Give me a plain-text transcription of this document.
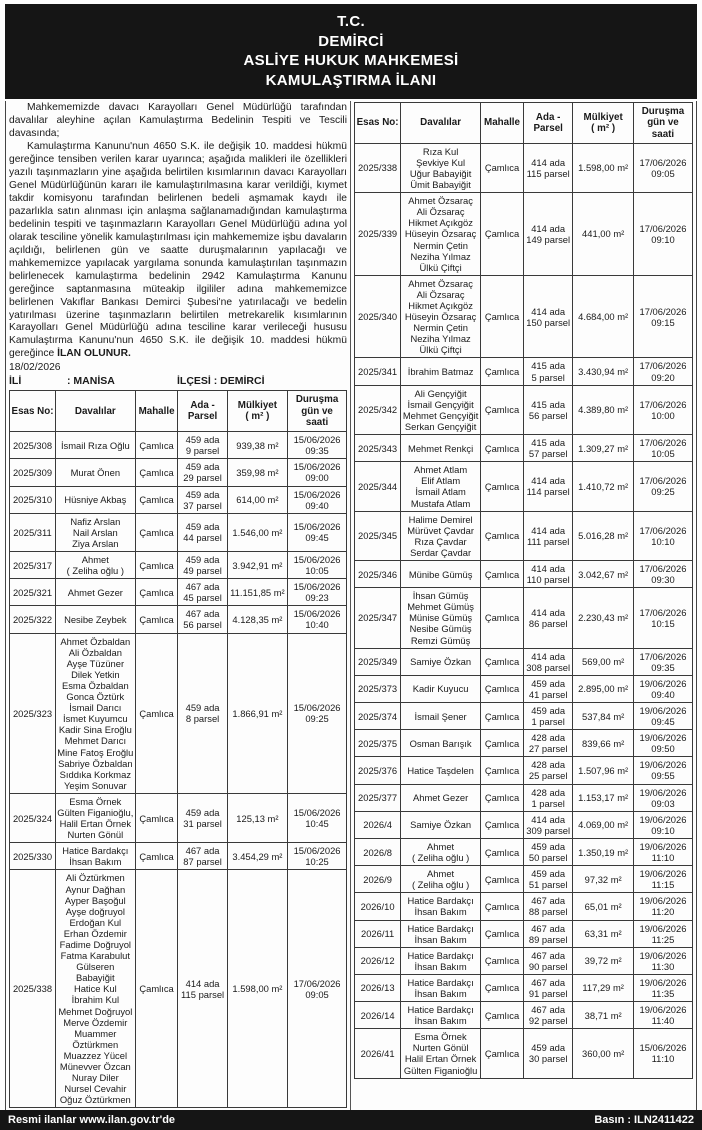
T.C.
DEMİRCİ
ASLİYE HUKUK MAHKEMESİ
KAMULAŞTIRMA İLANI

Mahkememizde davacı Karayolları Genel Müdürlüğü tarafından davalılar aleyhine açılan Kamulaştırma Bedelinin Tespiti ve Tescili davasında;

Kamulaştırma Kanunu'nun 4650 S.K. ile değişik 10. maddesi hükmü gereğince tensiben verilen karar uyarınca; aşağıda malikleri ile özellikleri yazılı taşınmazların yine aşağıda belirtilen kısımlarının davacı Karayolları Genel Müdürlüğünün kararı ile kamulaştırılmasına karar verildiği, kıymet takdir komisyonu tarafından belirlenen bedeli aşmamak kaydı ile pazarlıkla satın alınması için anlaşma sağlanamadığından kamulaştırma bedelinin tespiti ve taşınmazların Karayolları Genel Müdürlüğü adına yol olarak tesciline yönelik kamulaştırılması için mahkememize işbu davaların açıldığı, belirlenen gün ve saatte duruşmalarının yapılacağı ve mahkememizce yapılacak yargılama sonunda kamulaştırılan taşınmazın belirlenecek kamulaştırma bedelinin 2942 Kamulaştırma Kanunu gereğince saptanmasına müteakip ilgililer adına mahkememizce belirlenen Vakıflar Bankası Demirci Şubesi'ne yatırılacağı ve bedelin yatırılması üzerine taşınmazların belirtilen metrekarelik kısımlarının Karayolları Genel Müdürlüğü adına tesciline karar verileceği hususu Kamulaştırma Kanunu'nun 4650 S.K. ile değişik 10. maddesi hükmü gereğince İLAN OLUNUR.

18/02/2026
İLİ	: MANİSA	İLÇESİ : DEMİRCİ
Esas No:	Davalılar	Mahalle	Ada -
Parsel	Mülkiyet
( m² )	Duruşma
gün ve
saati
2025/308	İsmail Rıza Oğlu	Çamlıca	459 ada
9 parsel	939,38 m²	15/06/2026
09:35
2025/309	Murat Önen	Çamlıca	459 ada
29 parsel	359,98 m²	15/06/2026
09:00
2025/310	Hüsniye Akbaş	Çamlıca	459 ada
37 parsel	614,00 m²	15/06/2026
09:40
2025/311	Nafiz Arslan
Nail Arslan
Ziya Arslan	Çamlıca	459 ada
44 parsel	1.546,00 m²	15/06/2026
09:45
2025/317	Ahmet
( Zeliha oğlu )	Çamlıca	459 ada
49 parsel	3.942,91 m²	15/06/2026
10:05
2025/321	Ahmet Gezer	Çamlıca	467 ada
45 parsel	11.151,85 m²	15/06/2026
09:23
2025/322	Nesibe Zeybek	Çamlıca	467 ada
56 parsel	4.128,35 m²	15/06/2026
10:40
2025/323	Ahmet Özbaldan
Ali Özbaldan
Ayşe Tüzüner
Dilek Yetkin
Esma Özbaldan
Gonca Öztürk
İsmail Darıcı
İsmet Kuyumcu
Kadir Sina Eroğlu
Mehmet Darıcı
Mine Fatoş Eroğlu
Sabriye Özbaldan
Sıddıka Korkmaz
Yeşim Sonuvar	Çamlıca	459 ada
8 parsel	1.866,91 m²	15/06/2026
09:25
2025/324	Esma Örnek
Gülten Figanioğlu,
Halil Ertan Örnek
Nurten Gönül	Çamlıca	459 ada
31 parsel	125,13 m²	15/06/2026
10:45
2025/330	Hatice Bardakçı
İhsan Bakım	Çamlıca	467 ada
87 parsel	3.454,29 m²	15/06/2026
10:25
2025/338	Ali Öztürkmen
Aynur Dağhan
Ayper Başoğul
Ayşe doğruyol
Erdoğan Kul
Erhan Özdemir
Fadime Doğruyol
Fatma Karabulut
Gülseren Babayiğit
Hatice Kul
İbrahim Kul
Mehmet Doğruyol
Merve Özdemir
Muammer Öztürkmen
Muazzez Yücel
Münevver Özcan
Nuray Diler
Nursel Cevahir
Oğuz Öztürkmen	Çamlıca	414 ada
115 parsel	1.598,00 m²	17/06/2026
09:05
Esas No:	Davalılar	Mahalle	Ada -
Parsel	Mülkiyet
( m² )	Duruşma
gün ve
saati
2025/338	Rıza Kul
Şevkiye Kul
Uğur Babayiğit
Ümit Babayiğit	Çamlıca	414 ada
115 parsel	1.598,00 m²	17/06/2026
09:05
2025/339	Ahmet Özsaraç
Ali Özsaraç
Hikmet Açıkgöz
Hüseyin Özsaraç
Nermin Çetin
Neziha Yılmaz
Ülkü Çiftçi	Çamlıca	414 ada
149 parsel	441,00 m²	17/06/2026
09:10
2025/340	Ahmet Özsaraç
Ali Özsaraç
Hikmet Açıkgöz
Hüseyin Özsaraç
Nermin Çetin
Neziha Yılmaz
Ülkü Çiftçi	Çamlıca	414 ada
150 parsel	4.684,00 m²	17/06/2026
09:15
2025/341	İbrahim Batmaz	Çamlıca	415 ada
5 parsel	3.430,94 m²	17/06/2026
09:20
2025/342	Ali Gençyiğit
İsmail Gençyiğit
Mehmet Gençyiğit
Serkan Gençyiğit	Çamlıca	415 ada
56 parsel	4.389,80 m²	17/06/2026
10:00
2025/343	Mehmet Renkçi	Çamlıca	415 ada
57 parsel	1.309,27 m²	17/06/2026
10:05
2025/344	Ahmet Atlam
Elif Atlam
İsmail Atlam
Mustafa Atlam	Çamlıca	414 ada
114 parsel	1.410,72 m²	17/06/2026
09:25
2025/345	Halime Demirel
Mürüvet Çavdar
Rıza Çavdar
Serdar Çavdar	Çamlıca	414 ada
111 parsel	5.016,28 m²	17/06/2026
10:10
2025/346	Münibe Gümüş	Çamlıca	414 ada
110 parsel	3.042,67 m²	17/06/2026
09:30
2025/347	İhsan Gümüş
Mehmet Gümüş
Münise Gümüş
Nesibe Gümüş
Remzi Gümüş	Çamlıca	414 ada
86 parsel	2.230,43 m²	17/06/2026
10:15
2025/349	Samiye Özkan	Çamlıca	414 ada
308 parsel	569,00 m²	17/06/2026
09:35
2025/373	Kadir Kuyucu	Çamlıca	459 ada
41 parsel	2.895,00 m²	19/06/2026
09:40
2025/374	İsmail Şener	Çamlıca	459 ada
1 parsel	537,84 m²	19/06/2026
09:45
2025/375	Osman Barışık	Çamlıca	428 ada
27 parsel	839,66 m²	19/06/2026
09:50
2025/376	Hatice Taşdelen	Çamlıca	428 ada
25 parsel	1.507,96 m²	19/06/2026
09:55
2025/377	Ahmet Gezer	Çamlıca	428 ada
1 parsel	1.153,17 m²	19/06/2026
09:03
2026/4	Samiye Özkan	Çamlıca	414 ada
309 parsel	4.069,00 m²	19/06/2026
09:10
2026/8	Ahmet
( Zeliha oğlu )	Çamlıca	459 ada
50 parsel	1.350,19 m²	19/06/2026
11:10
2026/9	Ahmet
( Zeliha oğlu )	Çamlıca	459 ada
51 parsel	97,32 m²	19/06/2026
11:15
2026/10	Hatice Bardakçı
İhsan Bakım	Çamlıca	467 ada
88 parsel	65,01 m²	19/06/2026
11:20
2026/11	Hatice Bardakçı
İhsan Bakım	Çamlıca	467 ada
89 parsel	63,31 m²	19/06/2026
11:25
2026/12	Hatice Bardakçı
İhsan Bakım	Çamlıca	467 ada
90 parsel	39,72 m²	19/06/2026
11:30
2026/13	Hatice Bardakçı
İhsan Bakım	Çamlıca	467 ada
91 parsel	117,29 m²	19/06/2026
11:35
2026/14	Hatice Bardakçı
İhsan Bakım	Çamlıca	467 ada
92 parsel	38,71 m²	19/06/2026
11:40
2026/41	Esma Örnek
Nurten Gönül
Halil Ertan Örnek
Gülten Figanioğlu	Çamlıca	459 ada
30 parsel	360,00 m²	15/06/2026
11:10
Resmi ilanlar www.ilan.gov.tr'de	Basın : ILN2411422
